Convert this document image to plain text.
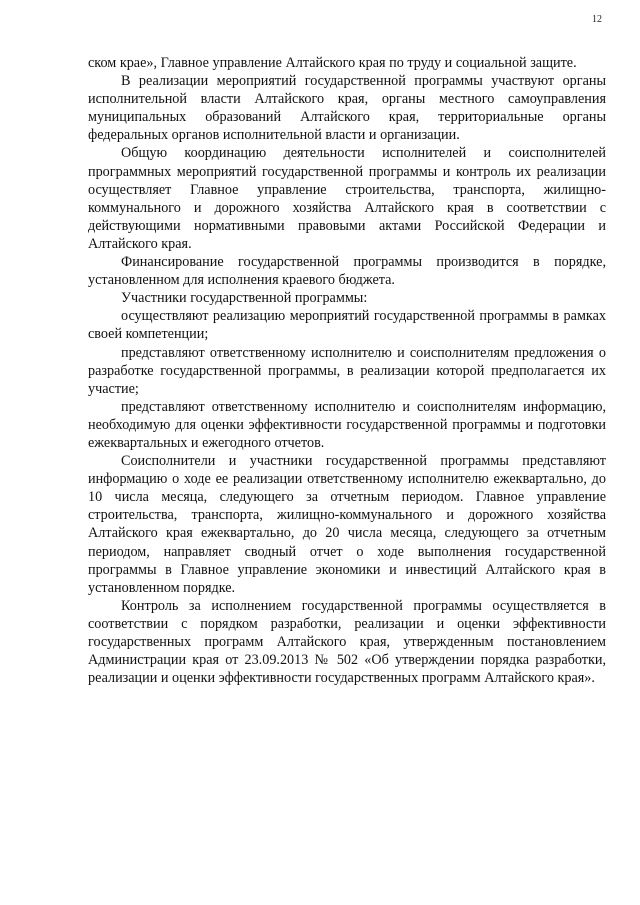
12

ском крае», Главное управление Алтайского края по труду и социальной защите.

В реализации мероприятий государственной программы участвуют органы исполнительной власти Алтайского края, органы местного самоуправления муниципальных образований Алтайского края, территориальные органы федеральных органов исполнительной власти и организации.

Общую координацию деятельности исполнителей и соисполнителей программных мероприятий государственной программы и контроль их реализации осуществляет Главное управление строительства, транспорта, жилищно-коммунального и дорожного хозяйства Алтайского края в соответствии с действующими нормативными правовыми актами Российской Федерации и Алтайского края.

Финансирование государственной программы производится в порядке, установленном для исполнения краевого бюджета.

Участники государственной программы:

осуществляют реализацию мероприятий государственной программы в рамках своей компетенции;

представляют ответственному исполнителю и соисполнителям предложения о разработке государственной программы, в реализации которой предполагается их участие;

представляют ответственному исполнителю и соисполнителям информацию, необходимую для оценки эффективности государственной программы и подготовки ежеквартальных и ежегодного отчетов.

Соисполнители и участники государственной программы представляют информацию о ходе ее реализации ответственному исполнителю ежеквартально, до 10 числа месяца, следующего за отчетным периодом. Главное управление строительства, транспорта, жилищно-коммунального и дорожного хозяйства Алтайского края ежеквартально, до 20 числа месяца, следующего за отчетным периодом, направляет сводный отчет о ходе выполнения государственной программы в Главное управление экономики и инвестиций Алтайского края в установленном порядке.

Контроль за исполнением государственной программы осуществляется в соответствии с порядком разработки, реализации и оценки эффективности государственных программ Алтайского края, утвержденным постановлением Администрации края от 23.09.2013 № 502 «Об утверждении порядка разработки, реализации и оценки эффективности государственных программ Алтайского края».
